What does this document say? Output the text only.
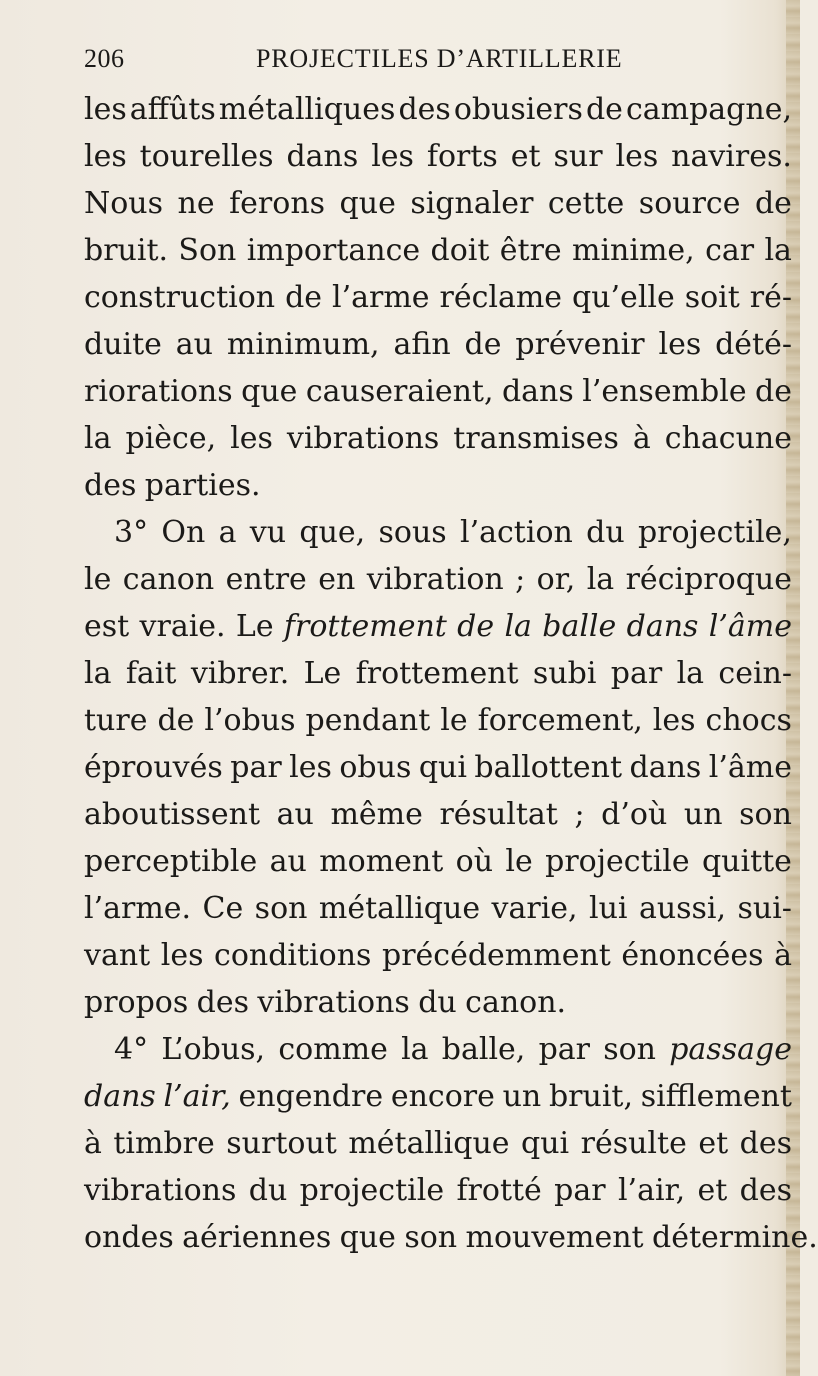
206	PROJECTILES D’ARTILLERIE
les affûts métalliques des obusiers de campagne,
les tourelles dans les forts et sur les navires.
Nous ne ferons que signaler cette source de
bruit. Son importance doit être minime, car la
construction de l’arme réclame qu’elle soit ré-
duite au minimum, afin de prévenir les dété-
riorations que causeraient, dans l’ensemble de
la pièce, les vibrations transmises à chacune
des parties.
3° On a vu que, sous l’action du projectile,
le canon entre en vibration ; or, la réciproque
est vraie. Le frottement de la balle dans l’âme
la fait vibrer. Le frottement subi par la cein-
ture de l’obus pendant le forcement, les chocs
éprouvés par les obus qui ballottent dans l’âme
aboutissent au même résultat ; d’où un son
perceptible au moment où le projectile quitte
l’arme. Ce son métallique varie, lui aussi, sui-
vant les conditions précédemment énoncées à
propos des vibrations du canon.
4° L’obus, comme la balle, par son passage
dans l’air, engendre encore un bruit, sifflement
à timbre surtout métallique qui résulte et des
vibrations du projectile frotté par l’air, et des
ondes aériennes que son mouvement détermine.
